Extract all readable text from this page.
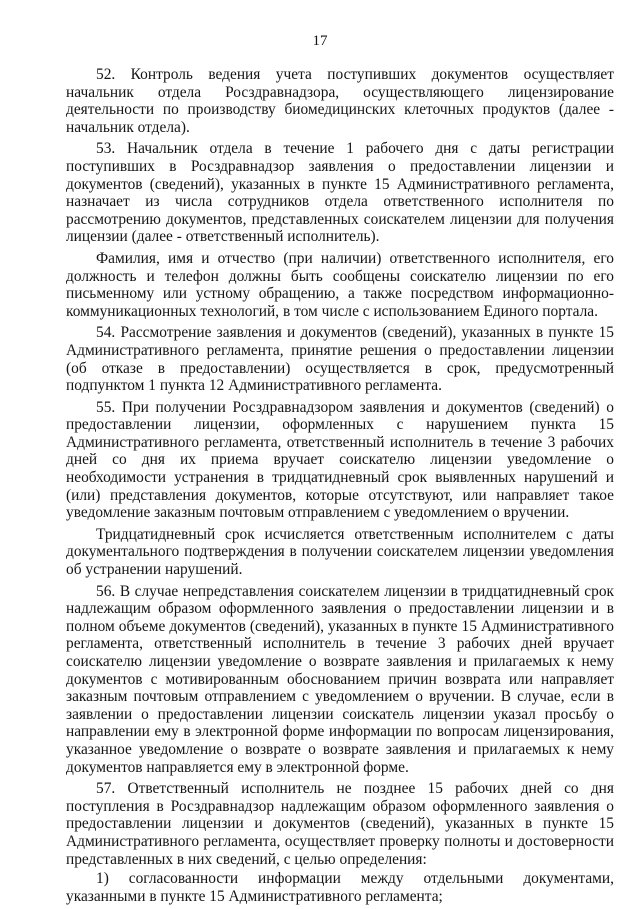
17

52. Контроль ведения учета поступивших документов осуществляет начальник отдела Росздравнадзора, осуществляющего лицензирование деятельности по производству биомедицинских клеточных продуктов (далее - начальник отдела).

53. Начальник отдела в течение 1 рабочего дня с даты регистрации поступивших в Росздравнадзор заявления о предоставлении лицензии и документов (сведений), указанных в пункте 15 Административного регламента, назначает из числа сотрудников отдела ответственного исполнителя по рассмотрению документов, представленных соискателем лицензии для получения лицензии (далее - ответственный исполнитель).

Фамилия, имя и отчество (при наличии) ответственного исполнителя, его должность и телефон должны быть сообщены соискателю лицензии по его письменному или устному обращению, а также посредством информационно-коммуникационных технологий, в том числе с использованием Единого портала.

54. Рассмотрение заявления и документов (сведений), указанных в пункте 15 Административного регламента, принятие решения о предоставлении лицензии (об отказе в предоставлении) осуществляется в срок, предусмотренный подпунктом 1 пункта 12 Административного регламента.

55. При получении Росздравнадзором заявления и документов (сведений) о предоставлении лицензии, оформленных с нарушением пункта 15 Административного регламента, ответственный исполнитель в течение 3 рабочих дней со дня их приема вручает соискателю лицензии уведомление о необходимости устранения в тридцатидневный срок выявленных нарушений и (или) представления документов, которые отсутствуют, или направляет такое уведомление заказным почтовым отправлением с уведомлением о вручении.

Тридцатидневный срок исчисляется ответственным исполнителем с даты документального подтверждения в получении соискателем лицензии уведомления об устранении нарушений.

56. В случае непредставления соискателем лицензии в тридцатидневный срок надлежащим образом оформленного заявления о предоставлении лицензии и в полном объеме документов (сведений), указанных в пункте 15 Административного регламента, ответственный исполнитель в течение 3 рабочих дней вручает соискателю лицензии уведомление о возврате заявления и прилагаемых к нему документов с мотивированным обоснованием причин возврата или направляет заказным почтовым отправлением с уведомлением о вручении. В случае, если в заявлении о предоставлении лицензии соискатель лицензии указал просьбу о направлении ему в электронной форме информации по вопросам лицензирования, указанное уведомление о возврате о возврате заявления и прилагаемых к нему документов направляется ему в электронной форме.

57. Ответственный исполнитель не позднее 15 рабочих дней со дня поступления в Росздравнадзор надлежащим образом оформленного заявления о предоставлении лицензии и документов (сведений), указанных в пункте 15 Административного регламента, осуществляет проверку полноты и достоверности представленных в них сведений, с целью определения:

1) согласованности информации между отдельными документами, указанными в пункте 15 Административного регламента;
